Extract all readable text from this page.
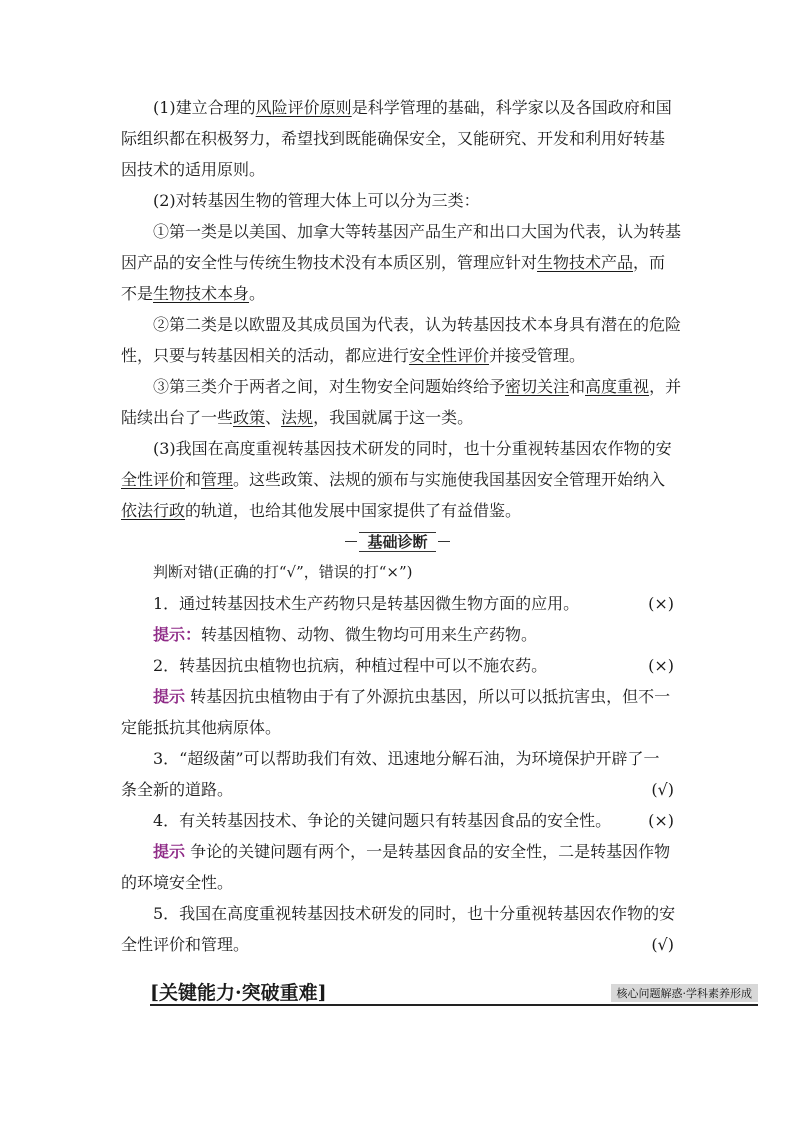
(1)建立合理的风险评价原则是科学管理的基础，科学家以及各国政府和国
际组织都在积极努力，希望找到既能确保安全，又能研究、开发和利用好转基
因技术的适用原则。
(2)对转基因生物的管理大体上可以分为三类：
①第一类是以美国、加拿大等转基因产品生产和出口大国为代表，认为转基
因产品的安全性与传统生物技术没有本质区别，管理应针对生物技术产品，而
不是生物技术本身。
②第二类是以欧盟及其成员国为代表，认为转基因技术本身具有潜在的危险
性，只要与转基因相关的活动，都应进行安全性评价并接受管理。
③第三类介于两者之间，对生物安全问题始终给予密切关注和高度重视，并
陆续出台了一些政策、法规，我国就属于这一类。
(3)我国在高度重视转基因技术研发的同时，也十分重视转基因农作物的安
全性评价和管理。这些政策、法规的颁布与实施使我国基因安全管理开始纳入
依法行政的轨道，也给其他发展中国家提供了有益借鉴。
基础诊断
判断对错(正确的打“√”，错误的打“×”)
1．通过转基因技术生产药物只是转基因微生物方面的应用。	(×)
提示：转基因植物、动物、微生物均可用来生产药物。
2．转基因抗虫植物也抗病，种植过程中可以不施农药。	(×)
提示 转基因抗虫植物由于有了外源抗虫基因，所以可以抵抗害虫，但不一
定能抵抗其他病原体。
3．“超级菌”可以帮助我们有效、迅速地分解石油，为环境保护开辟了一
条全新的道路。	(√)
4．有关转基因技术、争论的关键问题只有转基因食品的安全性。 (×)
提示 争论的关键问题有两个，一是转基因食品的安全性，二是转基因作物
的环境安全性。
5．我国在高度重视转基因技术研发的同时，也十分重视转基因农作物的安
全性评价和管理。	(√)
[关键能力·突破重难]	核心问题解惑·学科素养形成
